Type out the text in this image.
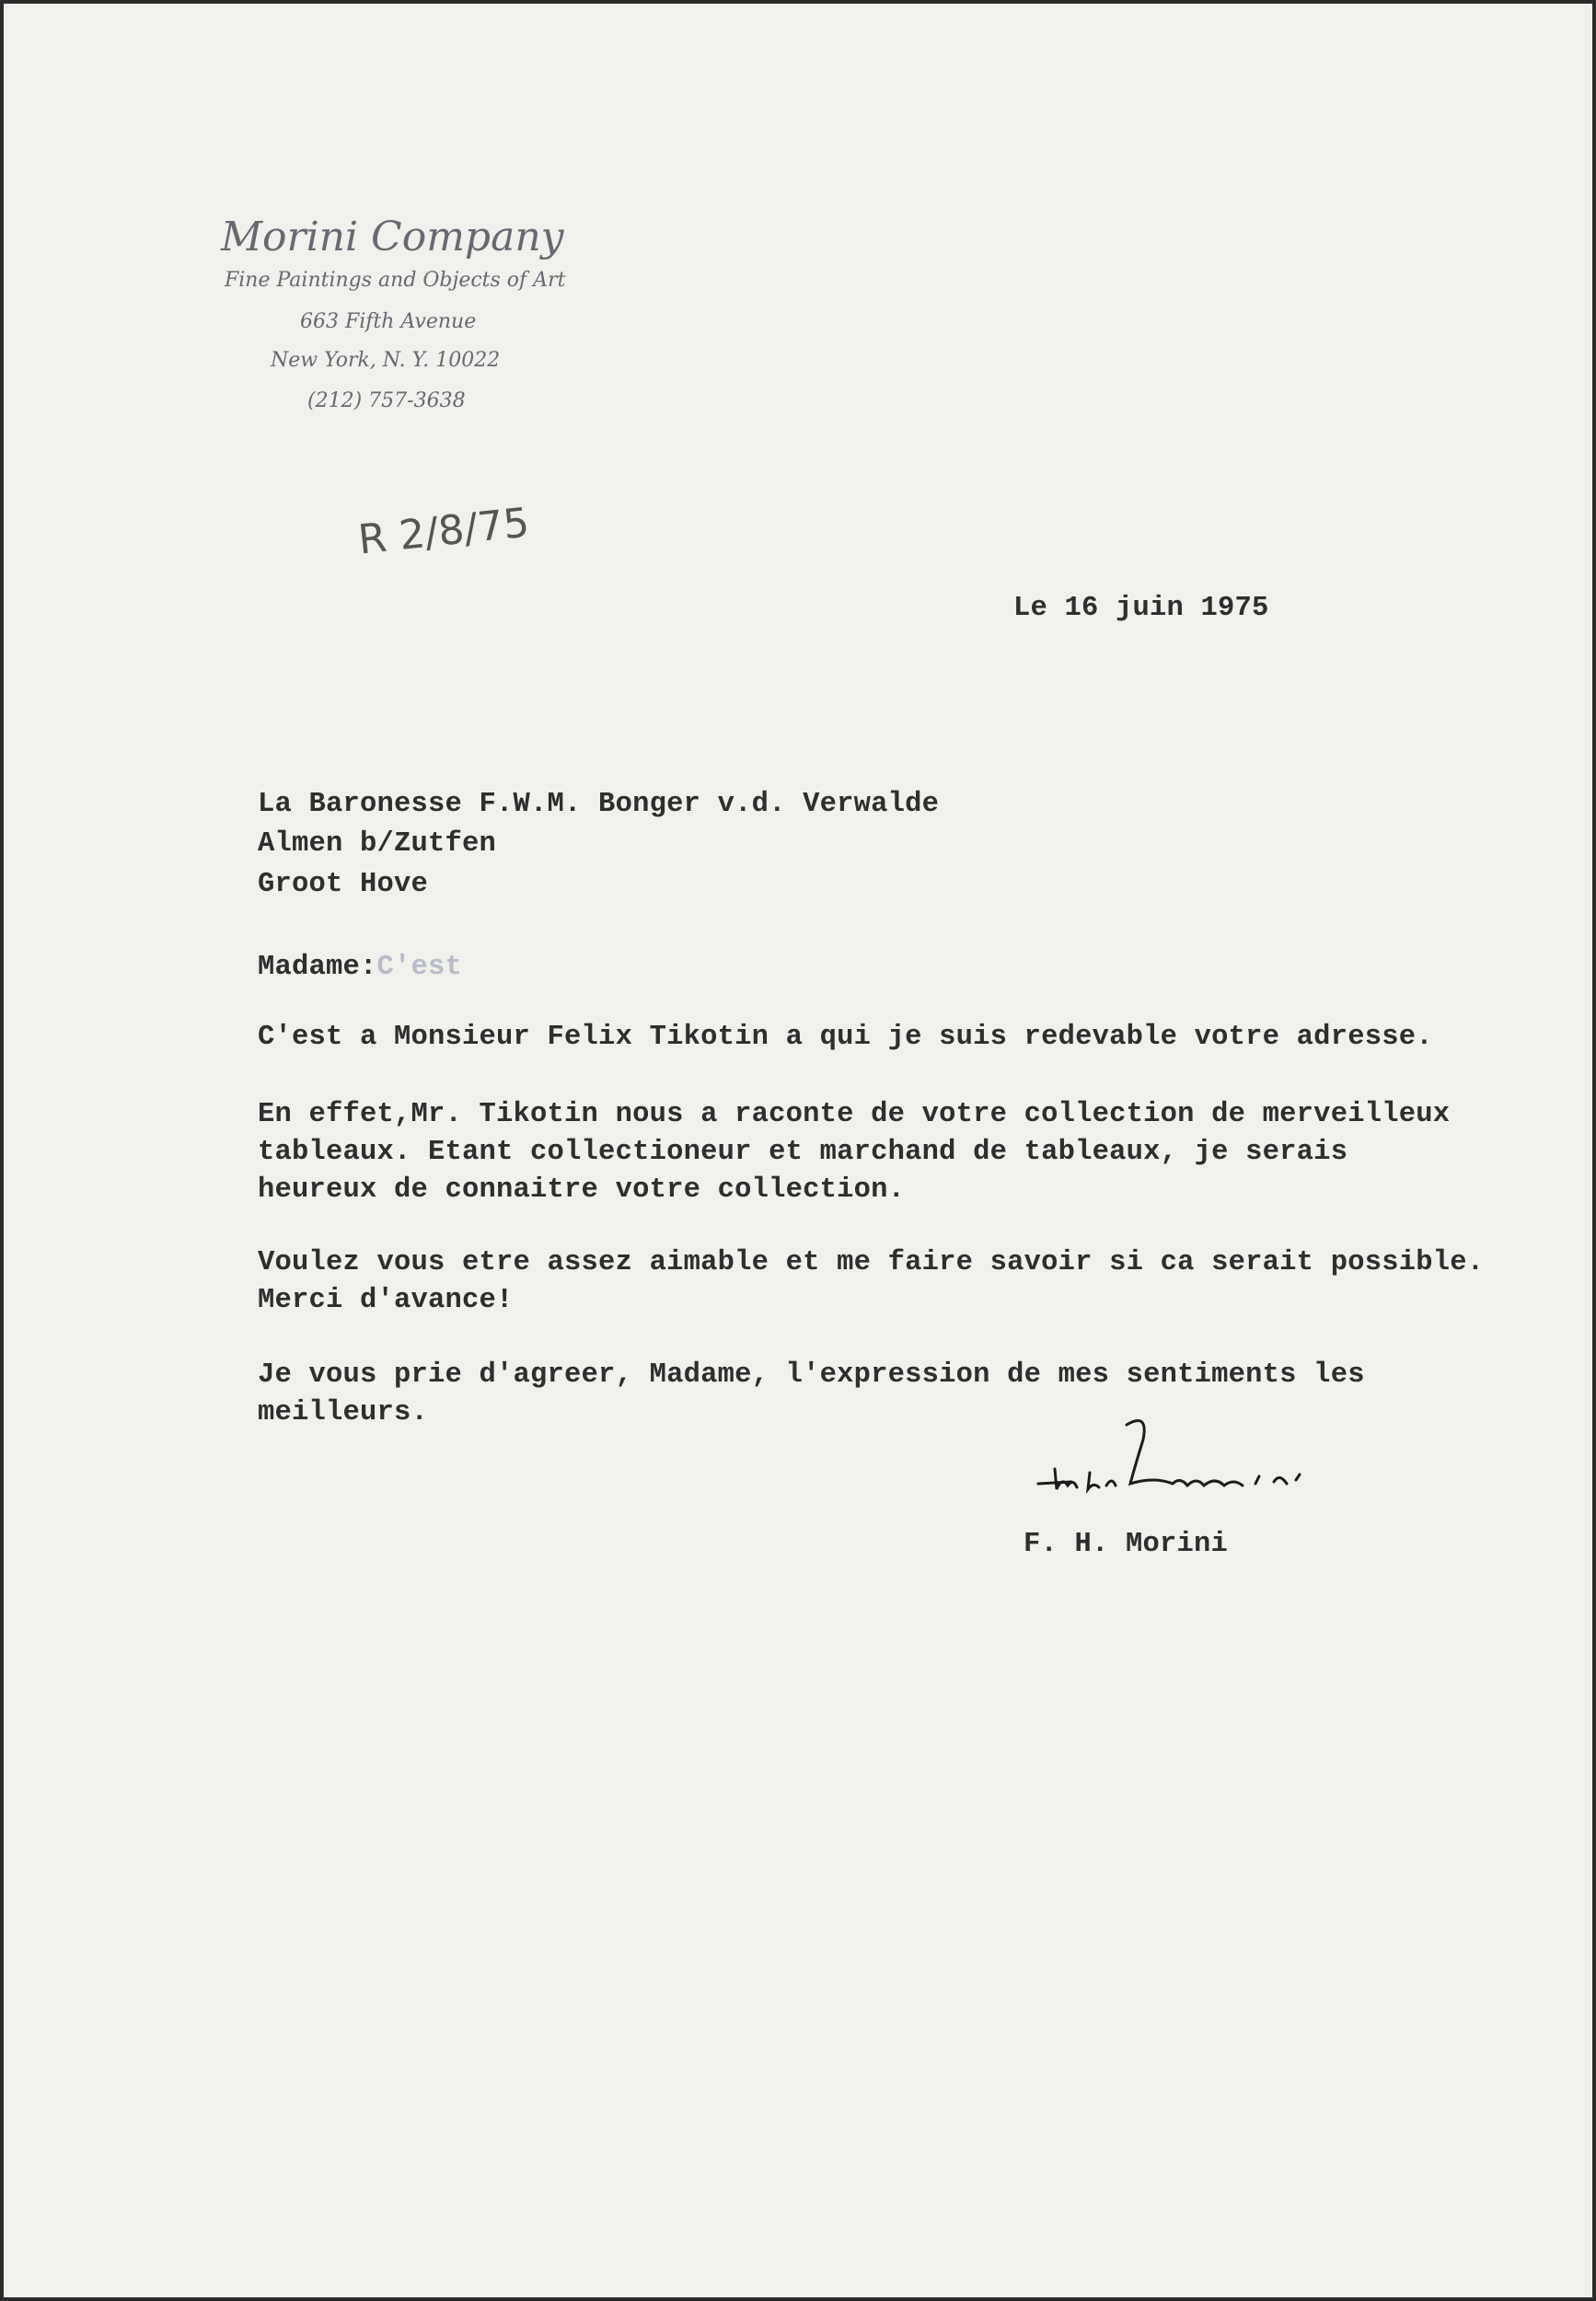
Morini Company
Fine Paintings and Objects of Art
663 Fifth Avenue
New York, N. Y. 10022
(212) 757-3638
R 2/8/75
Le 16 juin 1975
La Baronesse F.W.M. Bonger v.d. Verwalde
Almen b/Zutfen
Groot Hove
Madame:C'est
C'est a Monsieur Felix Tikotin a qui je suis redevable votre adresse.
En effet,Mr. Tikotin nous a raconte de votre collection de merveilleux
tableaux. Etant collectioneur et marchand de tableaux, je serais
heureux de connaitre votre collection.
Voulez vous etre assez aimable et me faire savoir si ca serait possible.
Merci d'avance!
Je vous prie d'agreer, Madame, l'expression de mes sentiments les
meilleurs.
F. H. Morini
